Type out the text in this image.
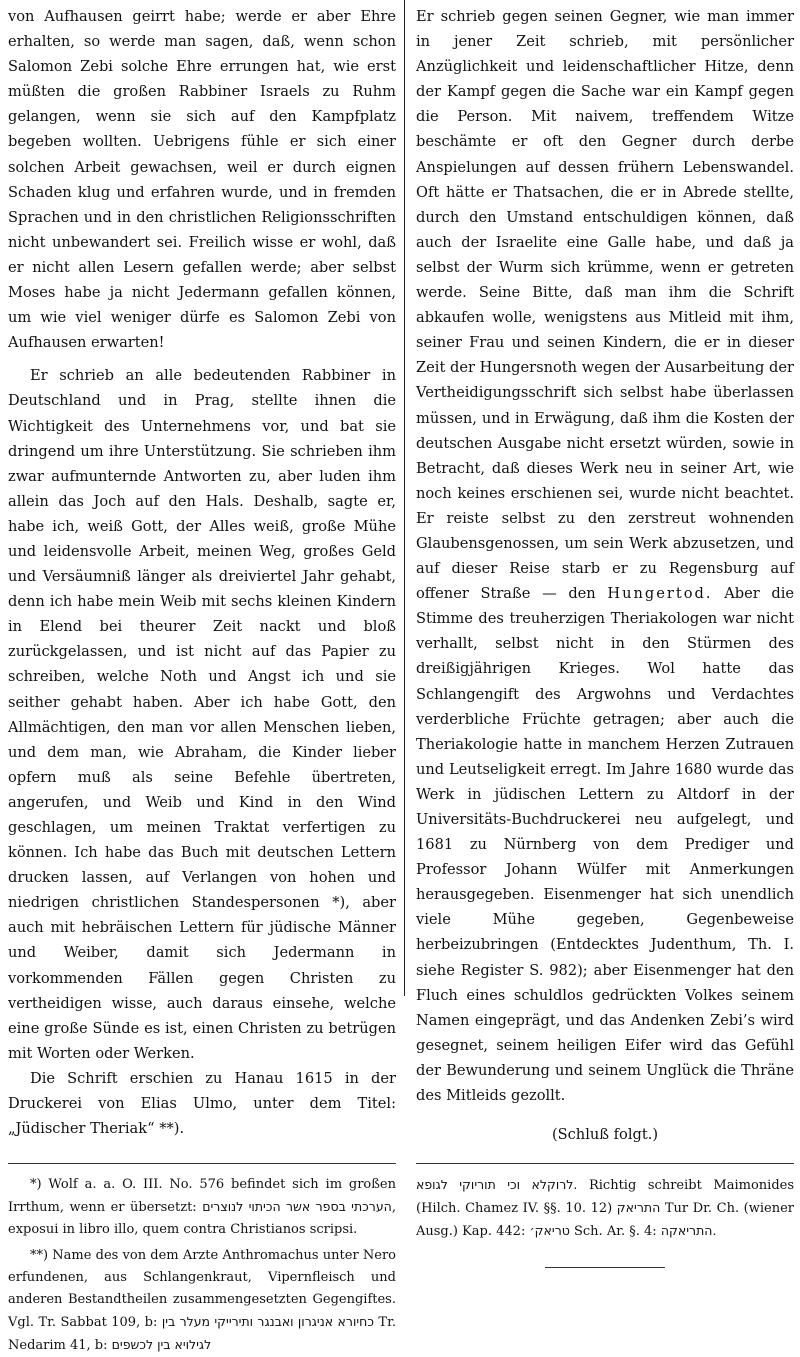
von Aufhausen geirrt habe; werde er aber Ehre erhalten, so werde man sagen, daß, wenn schon Salomon Zebi solche Ehre errungen hat, wie erst müßten die großen Rabbiner Israels zu Ruhm gelangen, wenn sie sich auf den Kampfplatz begeben wollten. Uebrigens fühle er sich einer solchen Arbeit gewachsen, weil er durch eignen Schaden klug und erfahren wurde, und in fremden Sprachen und in den christlichen Religionsschriften nicht unbewandert sei. Freilich wisse er wohl, daß er nicht allen Lesern gefallen werde; aber selbst Moses habe ja nicht Jedermann gefallen können, um wie viel weniger dürfe es Salomon Zebi von Aufhausen erwarten!

Er schrieb an alle bedeutenden Rabbiner in Deutschland und in Prag, stellte ihnen die Wichtigkeit des Unternehmens vor, und bat sie dringend um ihre Unterstützung. Sie schrieben ihm zwar aufmunternde Antworten zu, aber luden ihm allein das Joch auf den Hals. Deshalb, sagte er, habe ich, weiß Gott, der Alles weiß, große Mühe und leidensvolle Arbeit, meinen Weg, großes Geld und Versäumniß länger als dreiviertel Jahr gehabt, denn ich habe mein Weib mit sechs kleinen Kindern in Elend bei theurer Zeit nackt und bloß zurückgelassen, und ist nicht auf das Papier zu schreiben, welche Noth und Angst ich und sie seither gehabt haben. Aber ich habe Gott, den Allmächtigen, den man vor allen Menschen lieben, und dem man, wie Abraham, die Kinder lieber opfern muß als seine Befehle übertreten, angerufen, und Weib und Kind in den Wind geschlagen, um meinen Traktat verfertigen zu können. Ich habe das Buch mit deutschen Lettern drucken lassen, auf Verlangen von hohen und niedrigen christlichen Standespersonen *), aber auch mit hebräischen Lettern für jüdische Männer und Weiber, damit sich Jedermann in vorkommenden Fällen gegen Christen zu vertheidigen wisse, auch daraus einsehe, welche eine große Sünde es ist, einen Christen zu betrügen mit Worten oder Werken.

Die Schrift erschien zu Hanau 1615 in der Druckerei von Elias Ulmo, unter dem Titel: „Jüdischer Theriak“ **).

*) Wolf a. a. O. III. No. 576 befindet sich im großen Irrthum, wenn er übersetzt: הערכתי בספר אשר הכיתוי לנוצרים, exposui in libro illo, quem contra Christianos scripsi.

**) Name des von dem Arzte Anthromachus unter Nero erfundenen, aus Schlangenkraut, Vipernfleisch und anderen Bestandtheilen zusammengesetzten Gegengiftes. Vgl. Tr. Sabbat 109, b: אניגרון ואבנגר ותירייקי מעלר בין כחיורא Tr. Nedarim 41, b: לגילויא בין לכשפים

Er schrieb gegen seinen Gegner, wie man immer in jener Zeit schrieb, mit persönlicher Anzüglichkeit und leidenschaftlicher Hitze, denn der Kampf gegen die Sache war ein Kampf gegen die Person. Mit naivem, treffendem Witze beschämte er oft den Gegner durch derbe Anspielungen auf dessen frühern Lebenswandel. Oft hätte er Thatsachen, die er in Abrede stellte, durch den Umstand entschuldigen können, daß auch der Israelite eine Galle habe, und daß ja selbst der Wurm sich krümme, wenn er getreten werde. Seine Bitte, daß man ihm die Schrift abkaufen wolle, wenigstens aus Mitleid mit ihm, seiner Frau und seinen Kindern, die er in dieser Zeit der Hungersnoth wegen der Ausarbeitung der Vertheidigungsschrift sich selbst habe überlassen müssen, und in Erwägung, daß ihm die Kosten der deutschen Ausgabe nicht ersetzt würden, sowie in Betracht, daß dieses Werk neu in seiner Art, wie noch keines erschienen sei, wurde nicht beachtet. Er reiste selbst zu den zerstreut wohnenden Glaubensgenossen, um sein Werk abzusetzen, und auf dieser Reise starb er zu Regensburg auf offener Straße — den Hungertod. Aber die Stimme des treuherzigen Theriakologen war nicht verhallt, selbst nicht in den Stürmen des dreißigjährigen Krieges. Wol hatte das Schlangengift des Argwohns und Verdachtes verderbliche Früchte getragen; aber auch die Theriakologie hatte in manchem Herzen Zutrauen und Leutseligkeit erregt. Im Jahre 1680 wurde das Werk in jüdischen Lettern zu Altdorf in der Universitäts-Buchdruckerei neu aufgelegt, und 1681 zu Nürnberg von dem Prediger und Professor Johann Wülfer mit Anmerkungen herausgegeben. Eisenmenger hat sich unendlich viele Mühe gegeben, Gegenbeweise herbeizubringen (Entdecktes Judenthum, Th. I. siehe Register S. 982); aber Eisenmenger hat den Fluch eines schuldlos gedrückten Volkes seinem Namen eingeprägt, und das Andenken Zebi’s wird gesegnet, seinem heiligen Eifer wird das Gefühl der Bewunderung und seinem Unglück die Thräne des Mitleids gezollt.

(Schluß folgt.)

לרוקלא וכי תוריוקי לגופא. Richtig schreibt Maimonides (Hilch. Chamez IV. §§. 10. 12) התריאק Tur Dr. Ch. (wiener Ausg.) Kap. 442: טריאק׳ Sch. Ar. §. 4: התריאקה.
